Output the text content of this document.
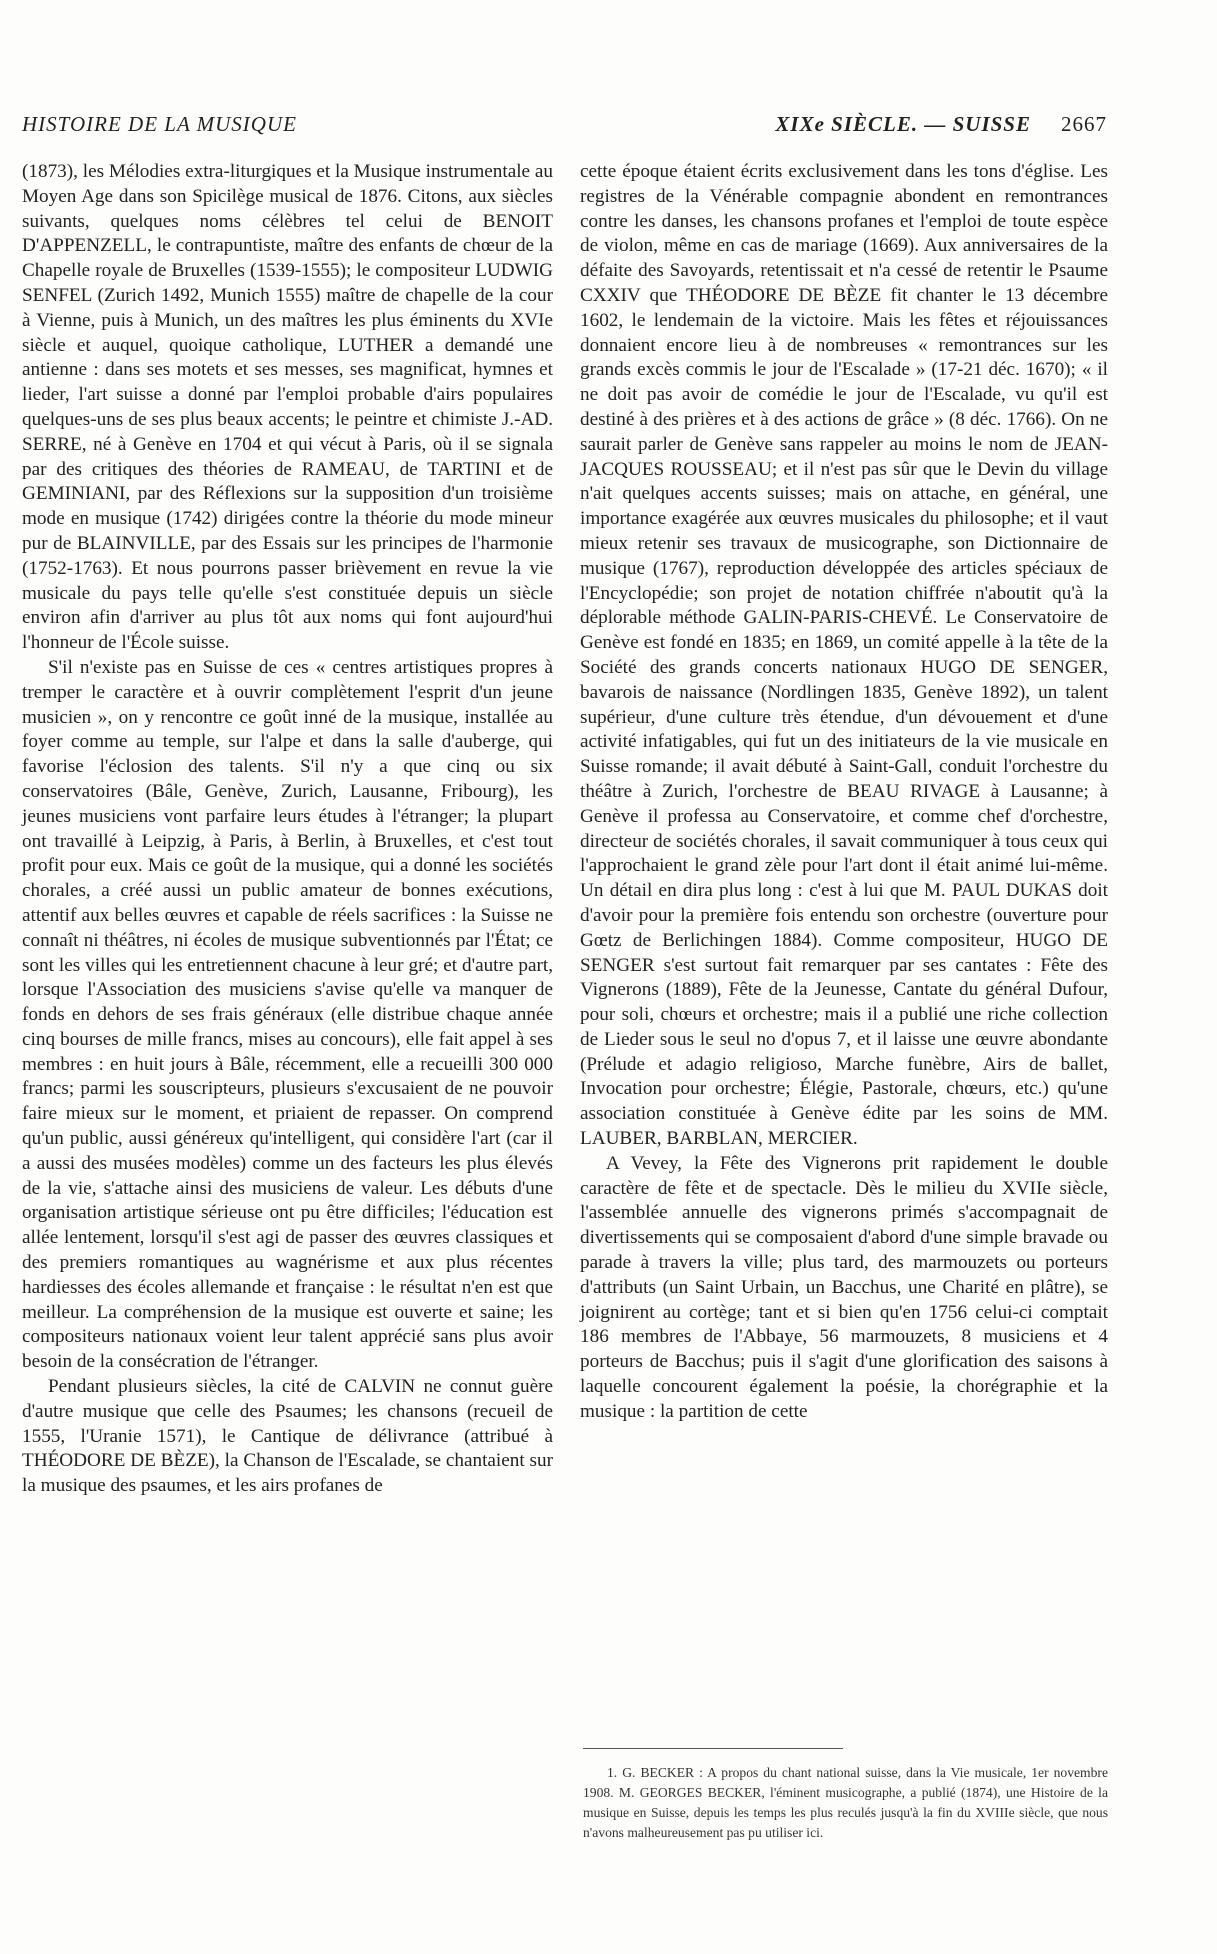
HISTOIRE DE LA MUSIQUE	XIXe SIÈCLE. — SUISSE 2667

(1873), les Mélodies extra-liturgiques et la Musique instrumentale au Moyen Age dans son Spicilège musical de 1876. Citons, aux siècles suivants, quelques noms célèbres tel celui de BENOIT D'APPENZELL, le contrapuntiste, maître des enfants de chœur de la Chapelle royale de Bruxelles (1539-1555); le compositeur LUDWIG SENFEL (Zurich 1492, Munich 1555) maître de chapelle de la cour à Vienne, puis à Munich, un des maîtres les plus éminents du XVIe siècle et auquel, quoique catholique, LUTHER a demandé une antienne : dans ses motets et ses messes, ses magnificat, hymnes et lieder, l'art suisse a donné par l'emploi probable d'airs populaires quelques-uns de ses plus beaux accents; le peintre et chimiste J.-AD. SERRE, né à Genève en 1704 et qui vécut à Paris, où il se signala par des critiques des théories de RAMEAU, de TARTINI et de GEMINIANI, par des Réflexions sur la supposition d'un troisième mode en musique (1742) dirigées contre la théorie du mode mineur pur de BLAINVILLE, par des Essais sur les principes de l'harmonie (1752-1763). Et nous pourrons passer brièvement en revue la vie musicale du pays telle qu'elle s'est constituée depuis un siècle environ afin d'arriver au plus tôt aux noms qui font aujourd'hui l'honneur de l'École suisse.

S'il n'existe pas en Suisse de ces « centres artistiques propres à tremper le caractère et à ouvrir complètement l'esprit d'un jeune musicien », on y rencontre ce goût inné de la musique, installée au foyer comme au temple, sur l'alpe et dans la salle d'auberge, qui favorise l'éclosion des talents. S'il n'y a que cinq ou six conservatoires (Bâle, Genève, Zurich, Lausanne, Fribourg), les jeunes musiciens vont parfaire leurs études à l'étranger; la plupart ont travaillé à Leipzig, à Paris, à Berlin, à Bruxelles, et c'est tout profit pour eux. Mais ce goût de la musique, qui a donné les sociétés chorales, a créé aussi un public amateur de bonnes exécutions, attentif aux belles œuvres et capable de réels sacrifices : la Suisse ne connaît ni théâtres, ni écoles de musique subventionnés par l'État; ce sont les villes qui les entretiennent chacune à leur gré; et d'autre part, lorsque l'Association des musiciens s'avise qu'elle va manquer de fonds en dehors de ses frais généraux (elle distribue chaque année cinq bourses de mille francs, mises au concours), elle fait appel à ses membres : en huit jours à Bâle, récemment, elle a recueilli 300 000 francs; parmi les souscripteurs, plusieurs s'excusaient de ne pouvoir faire mieux sur le moment, et priaient de repasser. On comprend qu'un public, aussi généreux qu'intelligent, qui considère l'art (car il a aussi des musées modèles) comme un des facteurs les plus élevés de la vie, s'attache ainsi des musiciens de valeur. Les débuts d'une organisation artistique sérieuse ont pu être difficiles; l'éducation est allée lentement, lorsqu'il s'est agi de passer des œuvres classiques et des premiers romantiques au wagnérisme et aux plus récentes hardiesses des écoles allemande et française : le résultat n'en est que meilleur. La compréhension de la musique est ouverte et saine; les compositeurs nationaux voient leur talent apprécié sans plus avoir besoin de la consécration de l'étranger.

Pendant plusieurs siècles, la cité de CALVIN ne connut guère d'autre musique que celle des Psaumes; les chansons (recueil de 1555, l'Uranie 1571), le Cantique de délivrance (attribué à THÉODORE DE BÈZE), la Chanson de l'Escalade, se chantaient sur la musique des psaumes, et les airs profanes de

cette époque étaient écrits exclusivement dans les tons d'église. Les registres de la Vénérable compagnie abondent en remontrances contre les danses, les chansons profanes et l'emploi de toute espèce de violon, même en cas de mariage (1669). Aux anniversaires de la défaite des Savoyards, retentissait et n'a cessé de retentir le Psaume CXXIV que THÉODORE DE BÈZE fit chanter le 13 décembre 1602, le lendemain de la victoire. Mais les fêtes et réjouissances donnaient encore lieu à de nombreuses « remontrances sur les grands excès commis le jour de l'Escalade » (17-21 déc. 1670); « il ne doit pas avoir de comédie le jour de l'Escalade, vu qu'il est destiné à des prières et à des actions de grâce » (8 déc. 1766). On ne saurait parler de Genève sans rappeler au moins le nom de JEAN-JACQUES ROUSSEAU; et il n'est pas sûr que le Devin du village n'ait quelques accents suisses; mais on attache, en général, une importance exagérée aux œuvres musicales du philosophe; et il vaut mieux retenir ses travaux de musicographe, son Dictionnaire de musique (1767), reproduction développée des articles spéciaux de l'Encyclopédie; son projet de notation chiffrée n'aboutit qu'à la déplorable méthode GALIN-PARIS-CHEVÉ. Le Conservatoire de Genève est fondé en 1835; en 1869, un comité appelle à la tête de la Société des grands concerts nationaux HUGO DE SENGER, bavarois de naissance (Nordlingen 1835, Genève 1892), un talent supérieur, d'une culture très étendue, d'un dévouement et d'une activité infatigables, qui fut un des initiateurs de la vie musicale en Suisse romande; il avait débuté à Saint-Gall, conduit l'orchestre du théâtre à Zurich, l'orchestre de BEAU RIVAGE à Lausanne; à Genève il professa au Conservatoire, et comme chef d'orchestre, directeur de sociétés chorales, il savait communiquer à tous ceux qui l'approchaient le grand zèle pour l'art dont il était animé lui-même. Un détail en dira plus long : c'est à lui que M. PAUL DUKAS doit d'avoir pour la première fois entendu son orchestre (ouverture pour Gœtz de Berlichingen 1884). Comme compositeur, HUGO DE SENGER s'est surtout fait remarquer par ses cantates : Fête des Vignerons (1889), Fête de la Jeunesse, Cantate du général Dufour, pour soli, chœurs et orchestre; mais il a publié une riche collection de Lieder sous le seul no d'opus 7, et il laisse une œuvre abondante (Prélude et adagio religioso, Marche funèbre, Airs de ballet, Invocation pour orchestre; Élégie, Pastorale, chœurs, etc.) qu'une association constituée à Genève édite par les soins de MM. LAUBER, BARBLAN, MERCIER.

A Vevey, la Fête des Vignerons prit rapidement le double caractère de fête et de spectacle. Dès le milieu du XVIIe siècle, l'assemblée annuelle des vignerons primés s'accompagnait de divertissements qui se composaient d'abord d'une simple bravade ou parade à travers la ville; plus tard, des marmouzets ou porteurs d'attributs (un Saint Urbain, un Bacchus, une Charité en plâtre), se joignirent au cortège; tant et si bien qu'en 1756 celui-ci comptait 186 membres de l'Abbaye, 56 marmouzets, 8 musiciens et 4 porteurs de Bacchus; puis il s'agit d'une glorification des saisons à laquelle concourent également la poésie, la chorégraphie et la musique : la partition de cette

1. G. BECKER : A propos du chant national suisse, dans la Vie musicale, 1er novembre 1908. M. GEORGES BECKER, l'éminent musicographe, a publié (1874), une Histoire de la musique en Suisse, depuis les temps les plus reculés jusqu'à la fin du XVIIIe siècle, que nous n'avons malheureusement pas pu utiliser ici.
